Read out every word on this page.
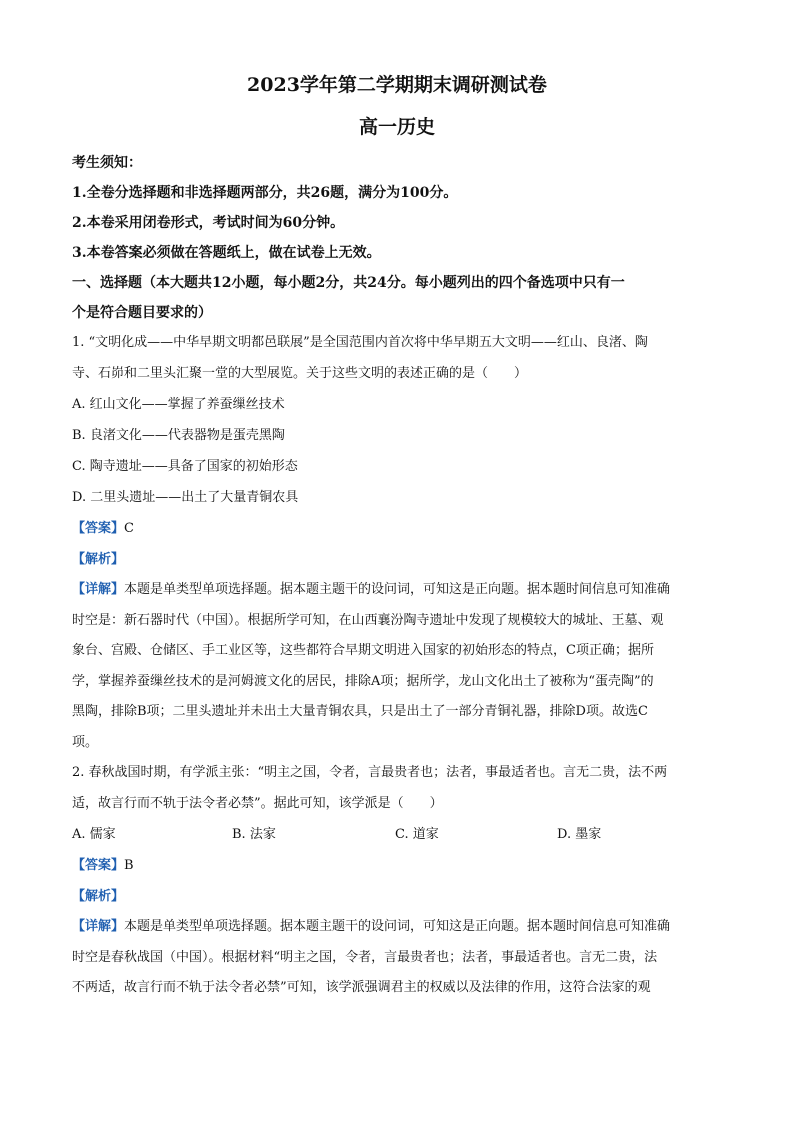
2023学年第二学期期末调研测试卷
高一历史

考生须知：

1.全卷分选择题和非选择题两部分，共26题，满分为100分。

2.本卷采用闭卷形式，考试时间为60分钟。

3.本卷答案必须做在答题纸上，做在试卷上无效。

一、选择题（本大题共12小题，每小题2分，共24分。每小题列出的四个备选项中只有一

个是符合题目要求的）

1. “文明化成——中华早期文明都邑联展”是全国范围内首次将中华早期五大文明——红山、良渚、陶

寺、石峁和二里头汇聚一堂的大型展览。关于这些文明的表述正确的是（　　）

A. 红山文化——掌握了养蚕缫丝技术

B. 良渚文化——代表器物是蛋壳黑陶

C. 陶寺遗址——具备了国家的初始形态

D. 二里头遗址——出土了大量青铜农具

【答案】C

【解析】

【详解】本题是单类型单项选择题。据本题主题干的设问词，可知这是正向题。据本题时间信息可知准确

时空是：新石器时代（中国）。根据所学可知，在山西襄汾陶寺遗址中发现了规模较大的城址、王墓、观

象台、宫殿、仓储区、手工业区等，这些都符合早期文明进入国家的初始形态的特点，C项正确；据所

学，掌握养蚕缫丝技术的是河姆渡文化的居民，排除A项；据所学，龙山文化出土了被称为“蛋壳陶”的

黑陶，排除B项；二里头遗址并未出土大量青铜农具，只是出土了一部分青铜礼器，排除D项。故选C

项。

2. 春秋战国时期，有学派主张：“明主之国，令者，言最贵者也；法者，事最适者也。言无二贵，法不两

适，故言行而不轨于法令者必禁”。据此可知，该学派是（　　）

A. 儒家	B. 法家	C. 道家	D. 墨家

【答案】B

【解析】

【详解】本题是单类型单项选择题。据本题主题干的设问词，可知这是正向题。据本题时间信息可知准确

时空是春秋战国（中国）。根据材料“明主之国，令者，言最贵者也；法者，事最适者也。言无二贵，法

不两适，故言行而不轨于法令者必禁”可知，该学派强调君主的权威以及法律的作用，这符合法家的观
